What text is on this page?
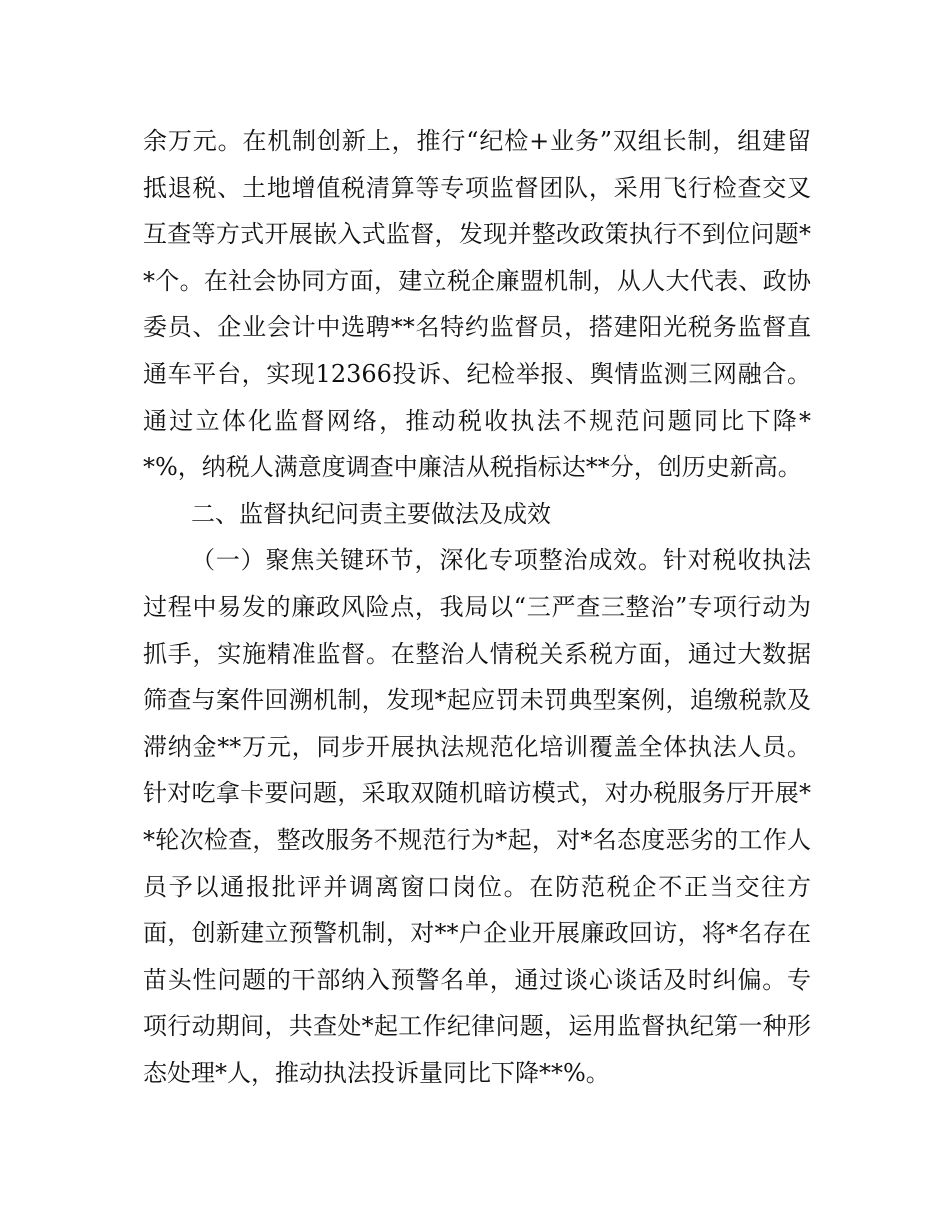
余万元。在机制创新上，推行“纪检+业务”双组长制，组建留抵退税、土地增值税清算等专项监督团队，采用飞行检查交叉互查等方式开展嵌入式监督，发现并整改政策执行不到位问题**个。在社会协同方面，建立税企廉盟机制，从人大代表、政协委员、企业会计中选聘**名特约监督员，搭建阳光税务监督直通车平台，实现12366投诉、纪检举报、舆情监测三网融合。通过立体化监督网络，推动税收执法不规范问题同比下降**%，纳税人满意度调查中廉洁从税指标达**分，创历史新高。

二、监督执纪问责主要做法及成效

（一）聚焦关键环节，深化专项整治成效。针对税收执法过程中易发的廉政风险点，我局以“三严查三整治”专项行动为抓手，实施精准监督。在整治人情税关系税方面，通过大数据筛查与案件回溯机制，发现*起应罚未罚典型案例，追缴税款及滞纳金**万元，同步开展执法规范化培训覆盖全体执法人员。针对吃拿卡要问题，采取双随机暗访模式，对办税服务厅开展**轮次检查，整改服务不规范行为*起，对*名态度恶劣的工作人员予以通报批评并调离窗口岗位。在防范税企不正当交往方面，创新建立预警机制，对**户企业开展廉政回访，将*名存在苗头性问题的干部纳入预警名单，通过谈心谈话及时纠偏。专项行动期间，共查处*起工作纪律问题，运用监督执纪第一种形态处理*人，推动执法投诉量同比下降**%。
